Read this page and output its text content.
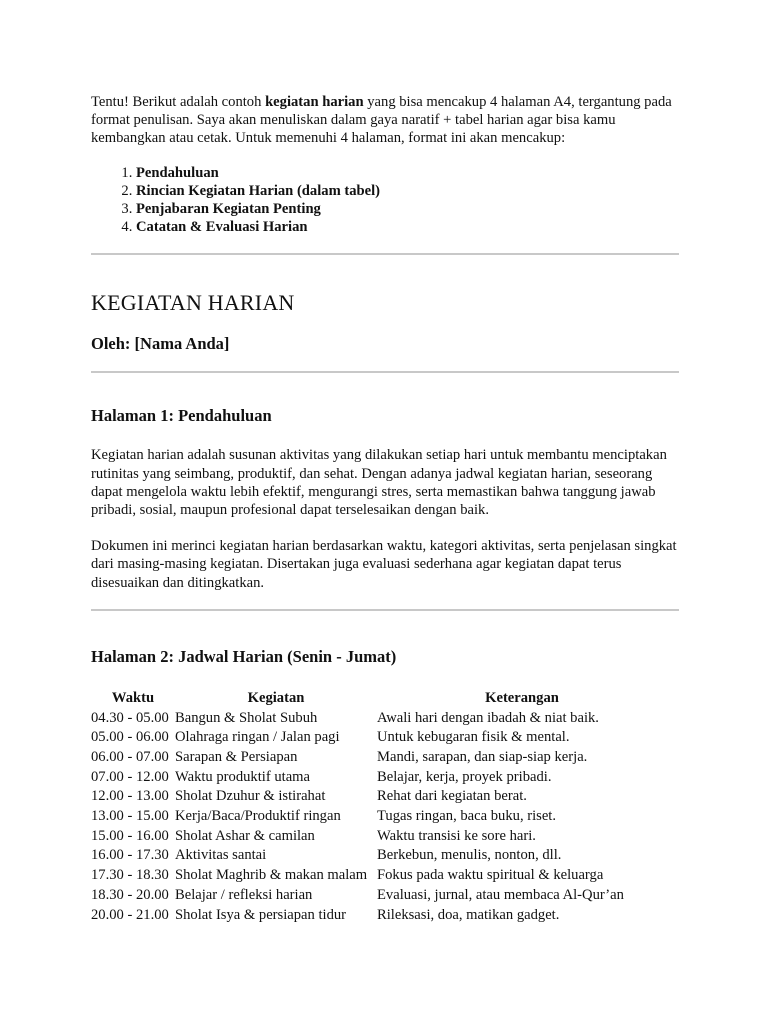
Tentu! Berikut adalah contoh kegiatan harian yang bisa mencakup 4 halaman A4, tergantung pada format penulisan. Saya akan menuliskan dalam gaya naratif + tabel harian agar bisa kamu kembangkan atau cetak. Untuk memenuhi 4 halaman, format ini akan mencakup:

1. Pendahuluan
2. Rincian Kegiatan Harian (dalam tabel)
3. Penjabaran Kegiatan Penting
4. Catatan & Evaluasi Harian
KEGIATAN HARIAN
Oleh: [Nama Anda]
Halaman 1: Pendahuluan

Kegiatan harian adalah susunan aktivitas yang dilakukan setiap hari untuk membantu menciptakan rutinitas yang seimbang, produktif, dan sehat. Dengan adanya jadwal kegiatan harian, seseorang dapat mengelola waktu lebih efektif, mengurangi stres, serta memastikan bahwa tanggung jawab pribadi, sosial, maupun profesional dapat terselesaikan dengan baik.

Dokumen ini merinci kegiatan harian berdasarkan waktu, kategori aktivitas, serta penjelasan singkat dari masing-masing kegiatan. Disertakan juga evaluasi sederhana agar kegiatan dapat terus disesuaikan dan ditingkatkan.

Halaman 2: Jadwal Harian (Senin - Jumat)
Waktu	Kegiatan	Keterangan
04.30 - 05.00	Bangun & Sholat Subuh	Awali hari dengan ibadah & niat baik.
05.00 - 06.00	Olahraga ringan / Jalan pagi	Untuk kebugaran fisik & mental.
06.00 - 07.00	Sarapan & Persiapan	Mandi, sarapan, dan siap-siap kerja.
07.00 - 12.00	Waktu produktif utama	Belajar, kerja, proyek pribadi.
12.00 - 13.00	Sholat Dzuhur & istirahat	Rehat dari kegiatan berat.
13.00 - 15.00	Kerja/Baca/Produktif ringan	Tugas ringan, baca buku, riset.
15.00 - 16.00	Sholat Ashar & camilan	Waktu transisi ke sore hari.
16.00 - 17.30	Aktivitas santai	Berkebun, menulis, nonton, dll.
17.30 - 18.30	Sholat Maghrib & makan malam	Fokus pada waktu spiritual & keluarga
18.30 - 20.00	Belajar / refleksi harian	Evaluasi, jurnal, atau membaca Al-Qur’an
20.00 - 21.00	Sholat Isya & persiapan tidur	Rileksasi, doa, matikan gadget.
